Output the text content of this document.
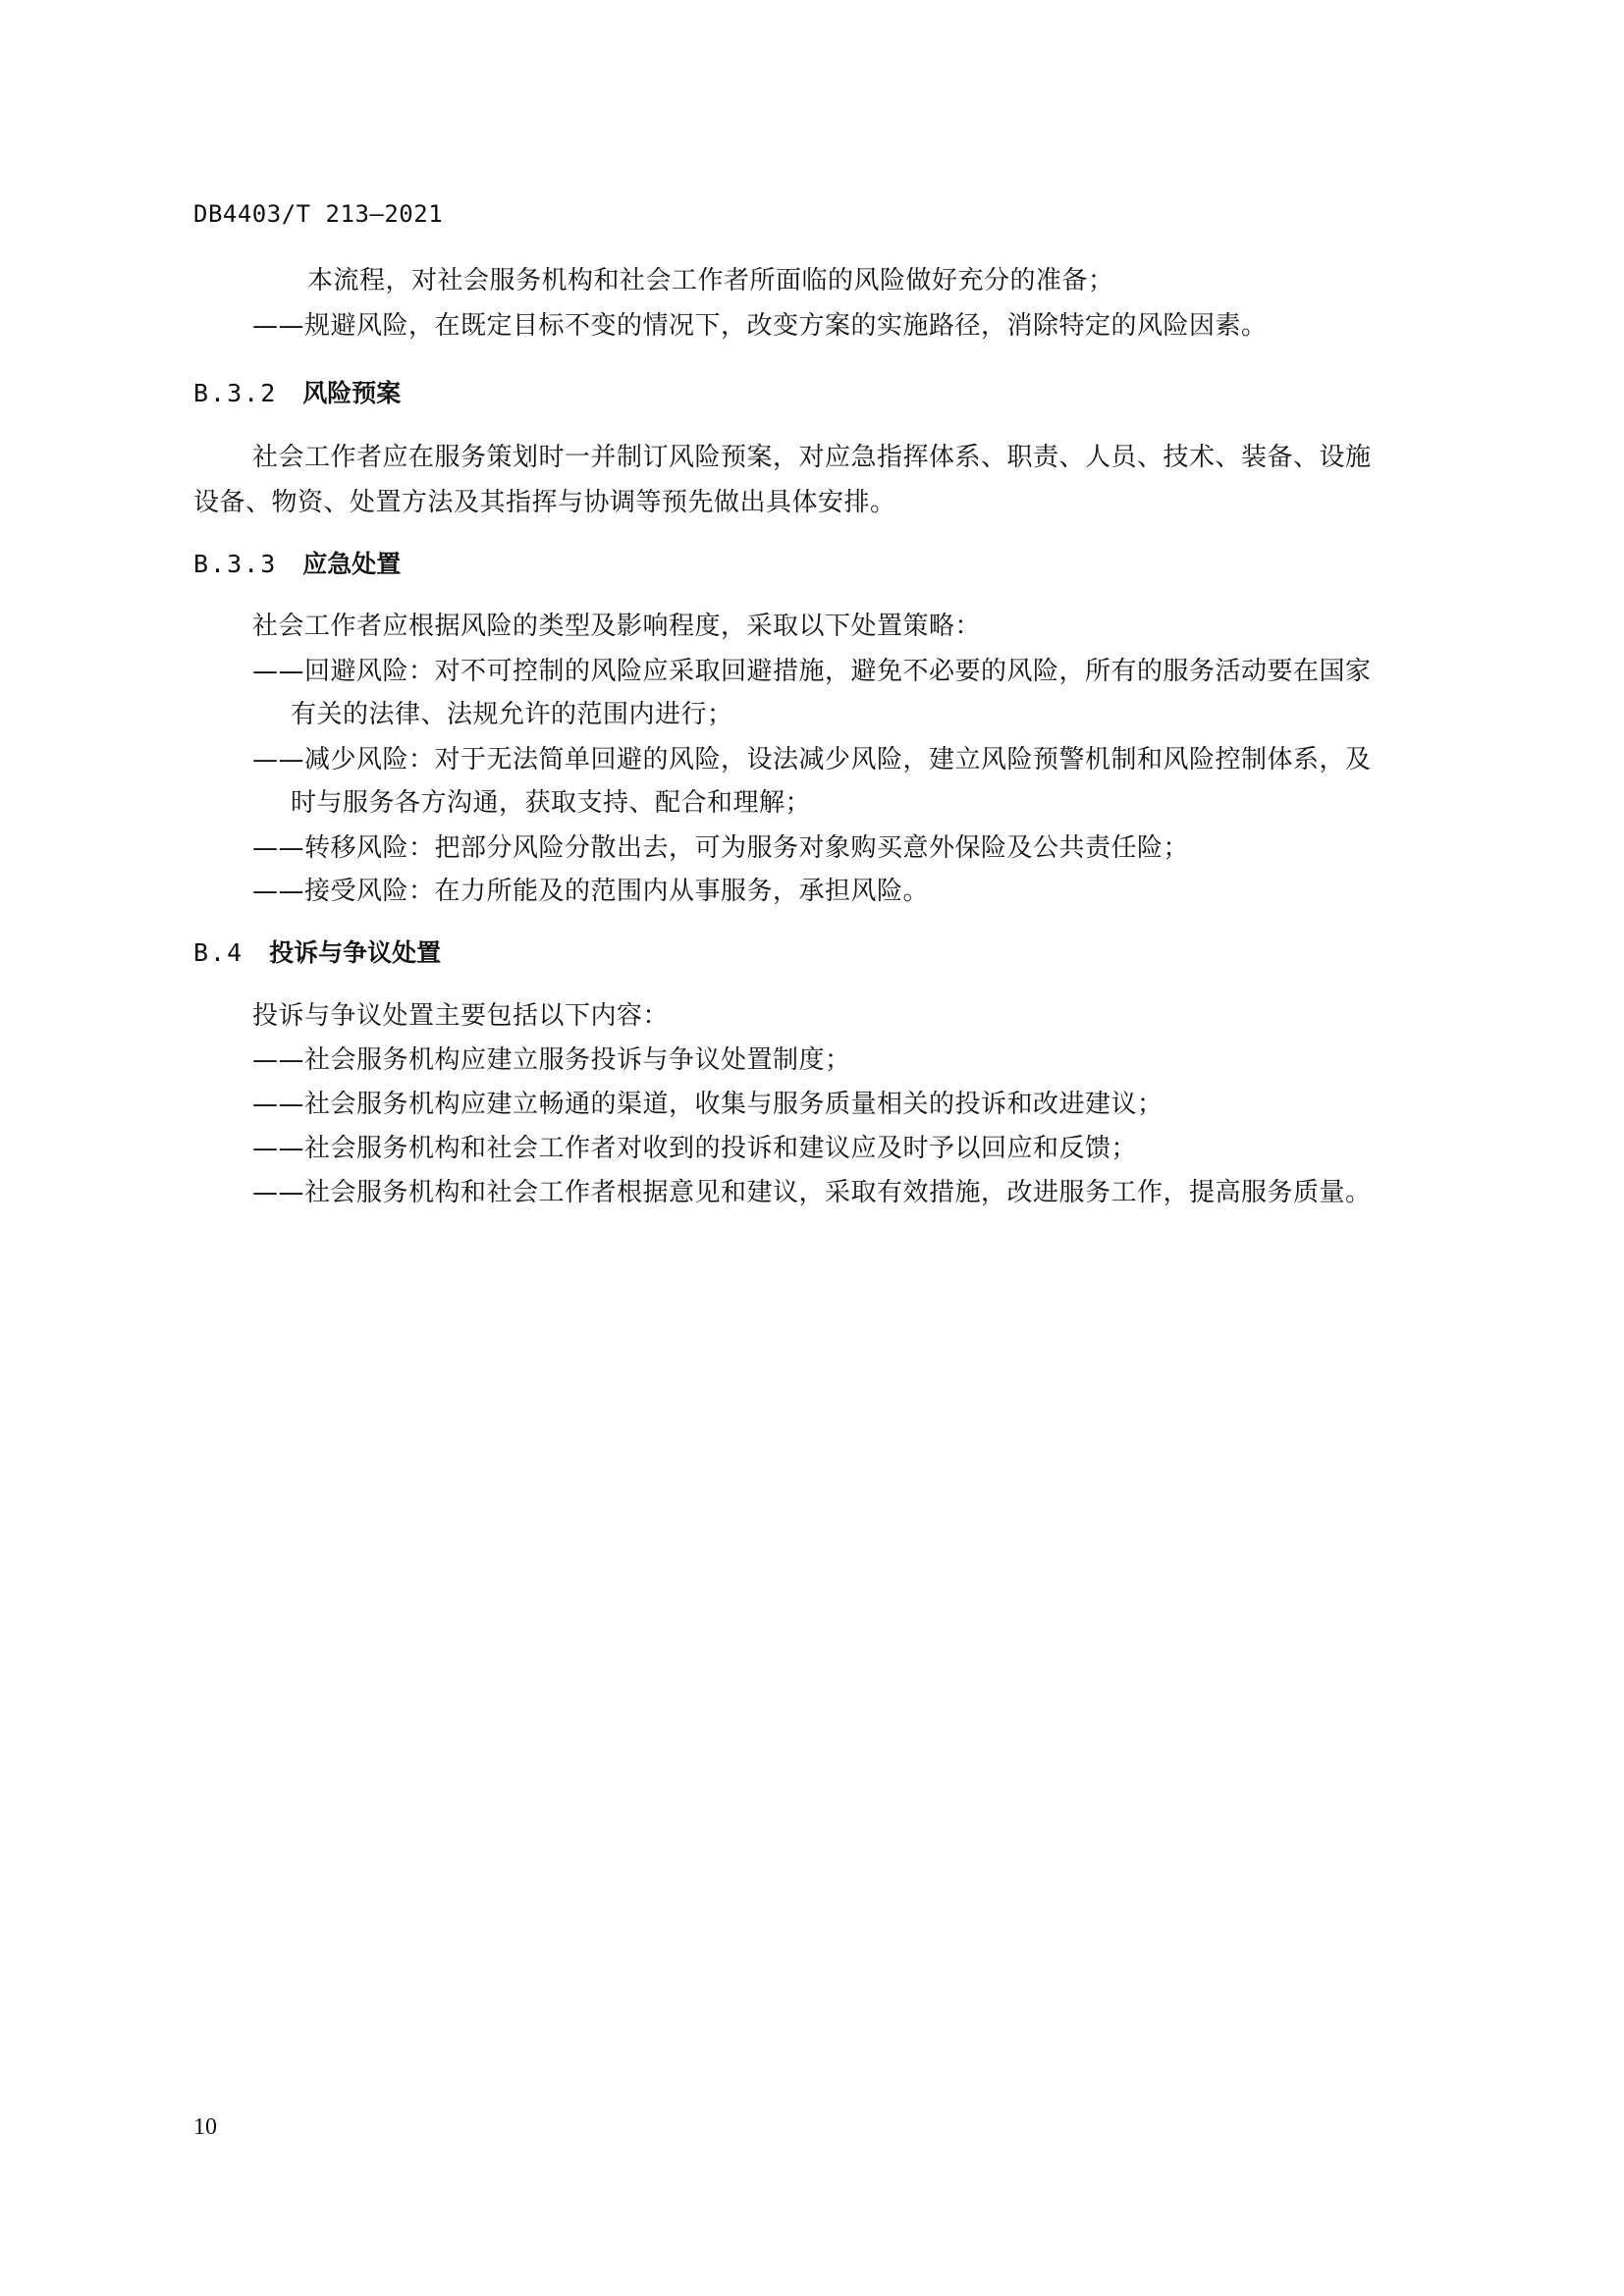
DB4403/T 213—2021
本流程，对社会服务机构和社会工作者所面临的风险做好充分的准备；
——规避风险，在既定目标不变的情况下，改变方案的实施路径，消除特定的风险因素。
B.3.2 风险预案
社会工作者应在服务策划时一并制订风险预案，对应急指挥体系、职责、人员、技术、装备、设施
设备、物资、处置方法及其指挥与协调等预先做出具体安排。
B.3.3 应急处置
社会工作者应根据风险的类型及影响程度，采取以下处置策略：
——回避风险：对不可控制的风险应采取回避措施，避免不必要的风险，所有的服务活动要在国家
有关的法律、法规允许的范围内进行；
——减少风险：对于无法简单回避的风险，设法减少风险，建立风险预警机制和风险控制体系，及
时与服务各方沟通，获取支持、配合和理解；
——转移风险：把部分风险分散出去，可为服务对象购买意外保险及公共责任险；
——接受风险：在力所能及的范围内从事服务，承担风险。
B.4 投诉与争议处置
投诉与争议处置主要包括以下内容：
——社会服务机构应建立服务投诉与争议处置制度；
——社会服务机构应建立畅通的渠道，收集与服务质量相关的投诉和改进建议；
——社会服务机构和社会工作者对收到的投诉和建议应及时予以回应和反馈；
——社会服务机构和社会工作者根据意见和建议，采取有效措施，改进服务工作，提高服务质量。
10
